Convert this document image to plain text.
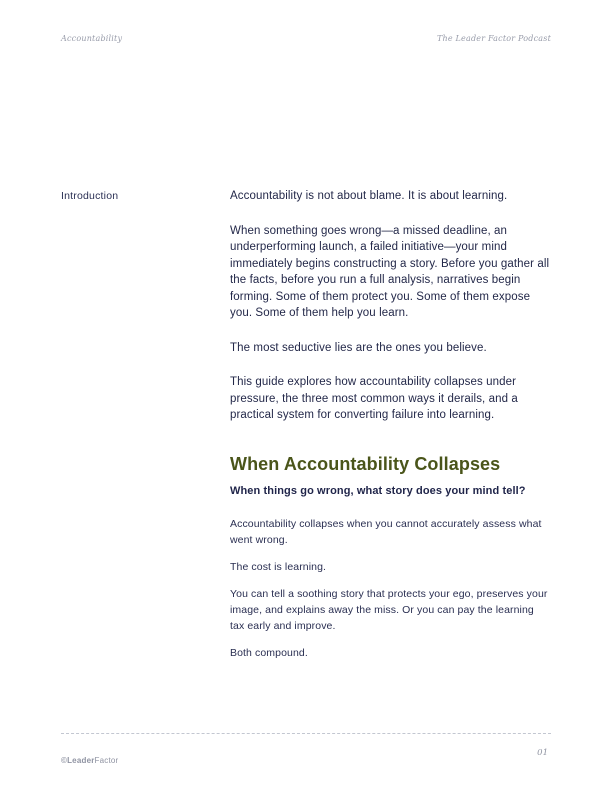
Accountability	The Leader Factor Podcast
Introduction	Accountability is not about blame. It is about learning.

When something goes wrong—a missed deadline, an underperforming launch, a failed initiative—your mind immediately begins constructing a story. Before you gather all the facts, before you run a full analysis, narratives begin forming. Some of them protect you. Some of them expose you. Some of them help you learn.

The most seductive lies are the ones you believe.

This guide explores how accountability collapses under pressure, the three most common ways it derails, and a practical system for converting failure into learning.

When Accountability Collapses
When things go wrong, what story does your mind tell?

Accountability collapses when you cannot accurately assess what went wrong.

The cost is learning.

You can tell a soothing story that protects your ego, preserves your image, and explains away the miss. Or you can pay the learning tax early and improve.

Both compound.

©LeaderFactor
01
